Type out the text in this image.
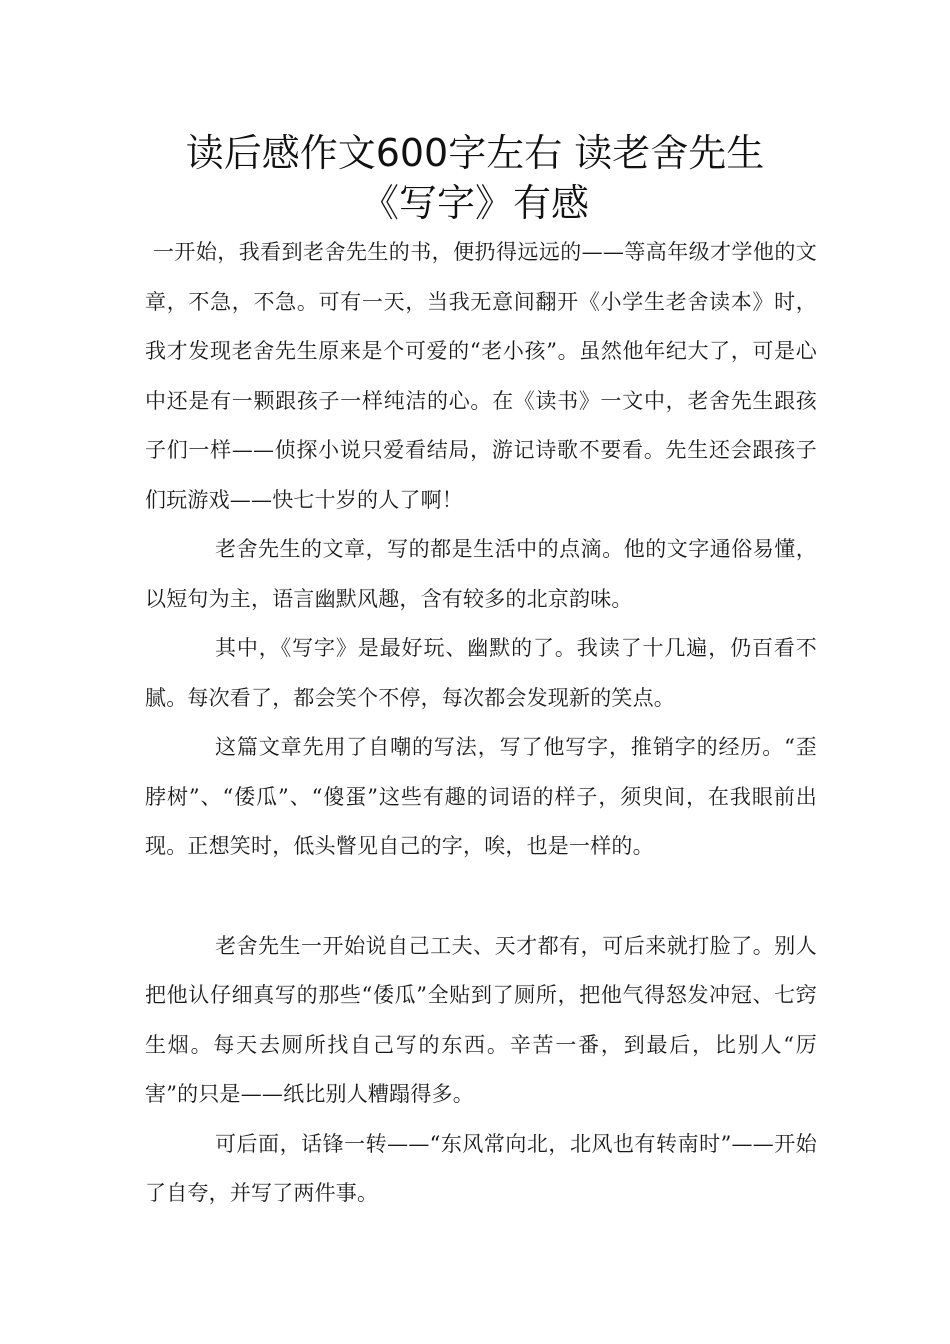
读后感作文600字左右 读老舍先生
《写字》有感

一开始，我看到老舍先生的书，便扔得远远的——等高年级才学他的文章，不急，不急。可有一天，当我无意间翻开《小学生老舍读本》时，我才发现老舍先生原来是个可爱的“老小孩”。虽然他年纪大了，可是心中还是有一颗跟孩子一样纯洁的心。在《读书》一文中，老舍先生跟孩子们一样——侦探小说只爱看结局，游记诗歌不要看。先生还会跟孩子们玩游戏——快七十岁的人了啊！

老舍先生的文章，写的都是生活中的点滴。他的文字通俗易懂，以短句为主，语言幽默风趣，含有较多的北京韵味。

其中，《写字》是最好玩、幽默的了。我读了十几遍，仍百看不腻。每次看了，都会笑个不停，每次都会发现新的笑点。

这篇文章先用了自嘲的写法，写了他写字，推销字的经历。“歪脖树”、“倭瓜”、“傻蛋”这些有趣的词语的样子，须臾间，在我眼前出现。正想笑时，低头瞥见自己的字，唉，也是一样的。

老舍先生一开始说自己工夫、天才都有，可后来就打脸了。别人把他认仔细真写的那些“倭瓜”全贴到了厕所，把他气得怒发冲冠、七窍生烟。每天去厕所找自己写的东西。辛苦一番，到最后，比别人“厉害”的只是——纸比别人糟蹋得多。

可后面，话锋一转——“东风常向北，北风也有转南时”——开始了自夸，并写了两件事。
